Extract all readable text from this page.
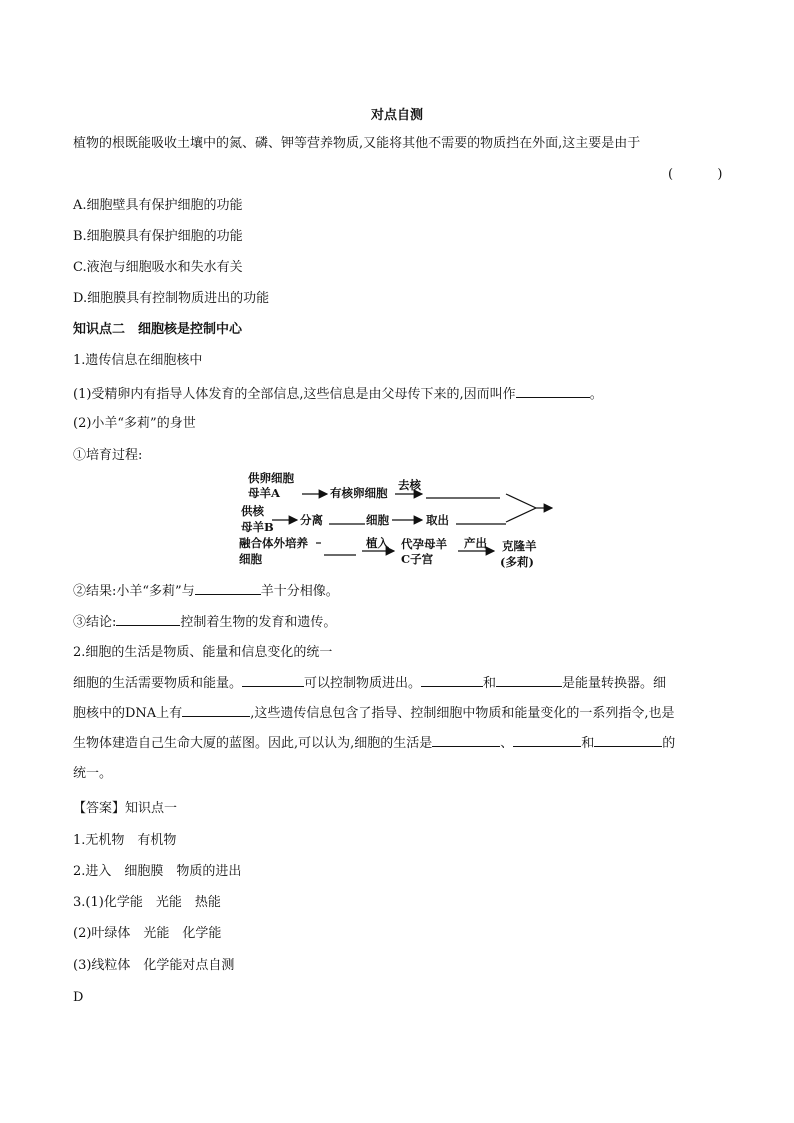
对点自测
植物的根既能吸收土壤中的氮、磷、钾等营养物质,又能将其他不需要的物质挡在外面,这主要是由于
(	)
A.细胞壁具有保护细胞的功能
B.细胞膜具有保护细胞的功能
C.液泡与细胞吸水和失水有关
D.细胞膜具有控制物质进出的功能
知识点二　细胞核是控制中心
1.遗传信息在细胞核中
(1)受精卵内有指导人体发育的全部信息,这些信息是由父母传下来的,因而叫作	。
(2)小羊“多莉”的身世
①培育过程:
供卵细胞
母羊A	有核卵细胞
去核
供核
母羊B 分离	细胞	取出
融合体外培养
细胞
植入 代孕母羊
C子宫
产出 克隆羊
(多莉)
②结果:小羊“多莉”与	羊十分相像。
③结论:	控制着生物的发育和遗传。
2.细胞的生活是物质、能量和信息变化的统一
细胞的生活需要物质和能量。	可以控制物质进出。	和	是能量转换器。细
胞核中的DNA上有	,这些遗传信息包含了指导、控制细胞中物质和能量变化的一系列指令,也是
生物体建造自己生命大厦的蓝图。因此,可以认为,细胞的生活是	、	和	的
统一。
【答案】知识点一
1.无机物　有机物
2.进入　细胞膜　物质的进出
3.(1)化学能　光能　热能
(2)叶绿体　光能　化学能
(3)线粒体　化学能对点自测
D
